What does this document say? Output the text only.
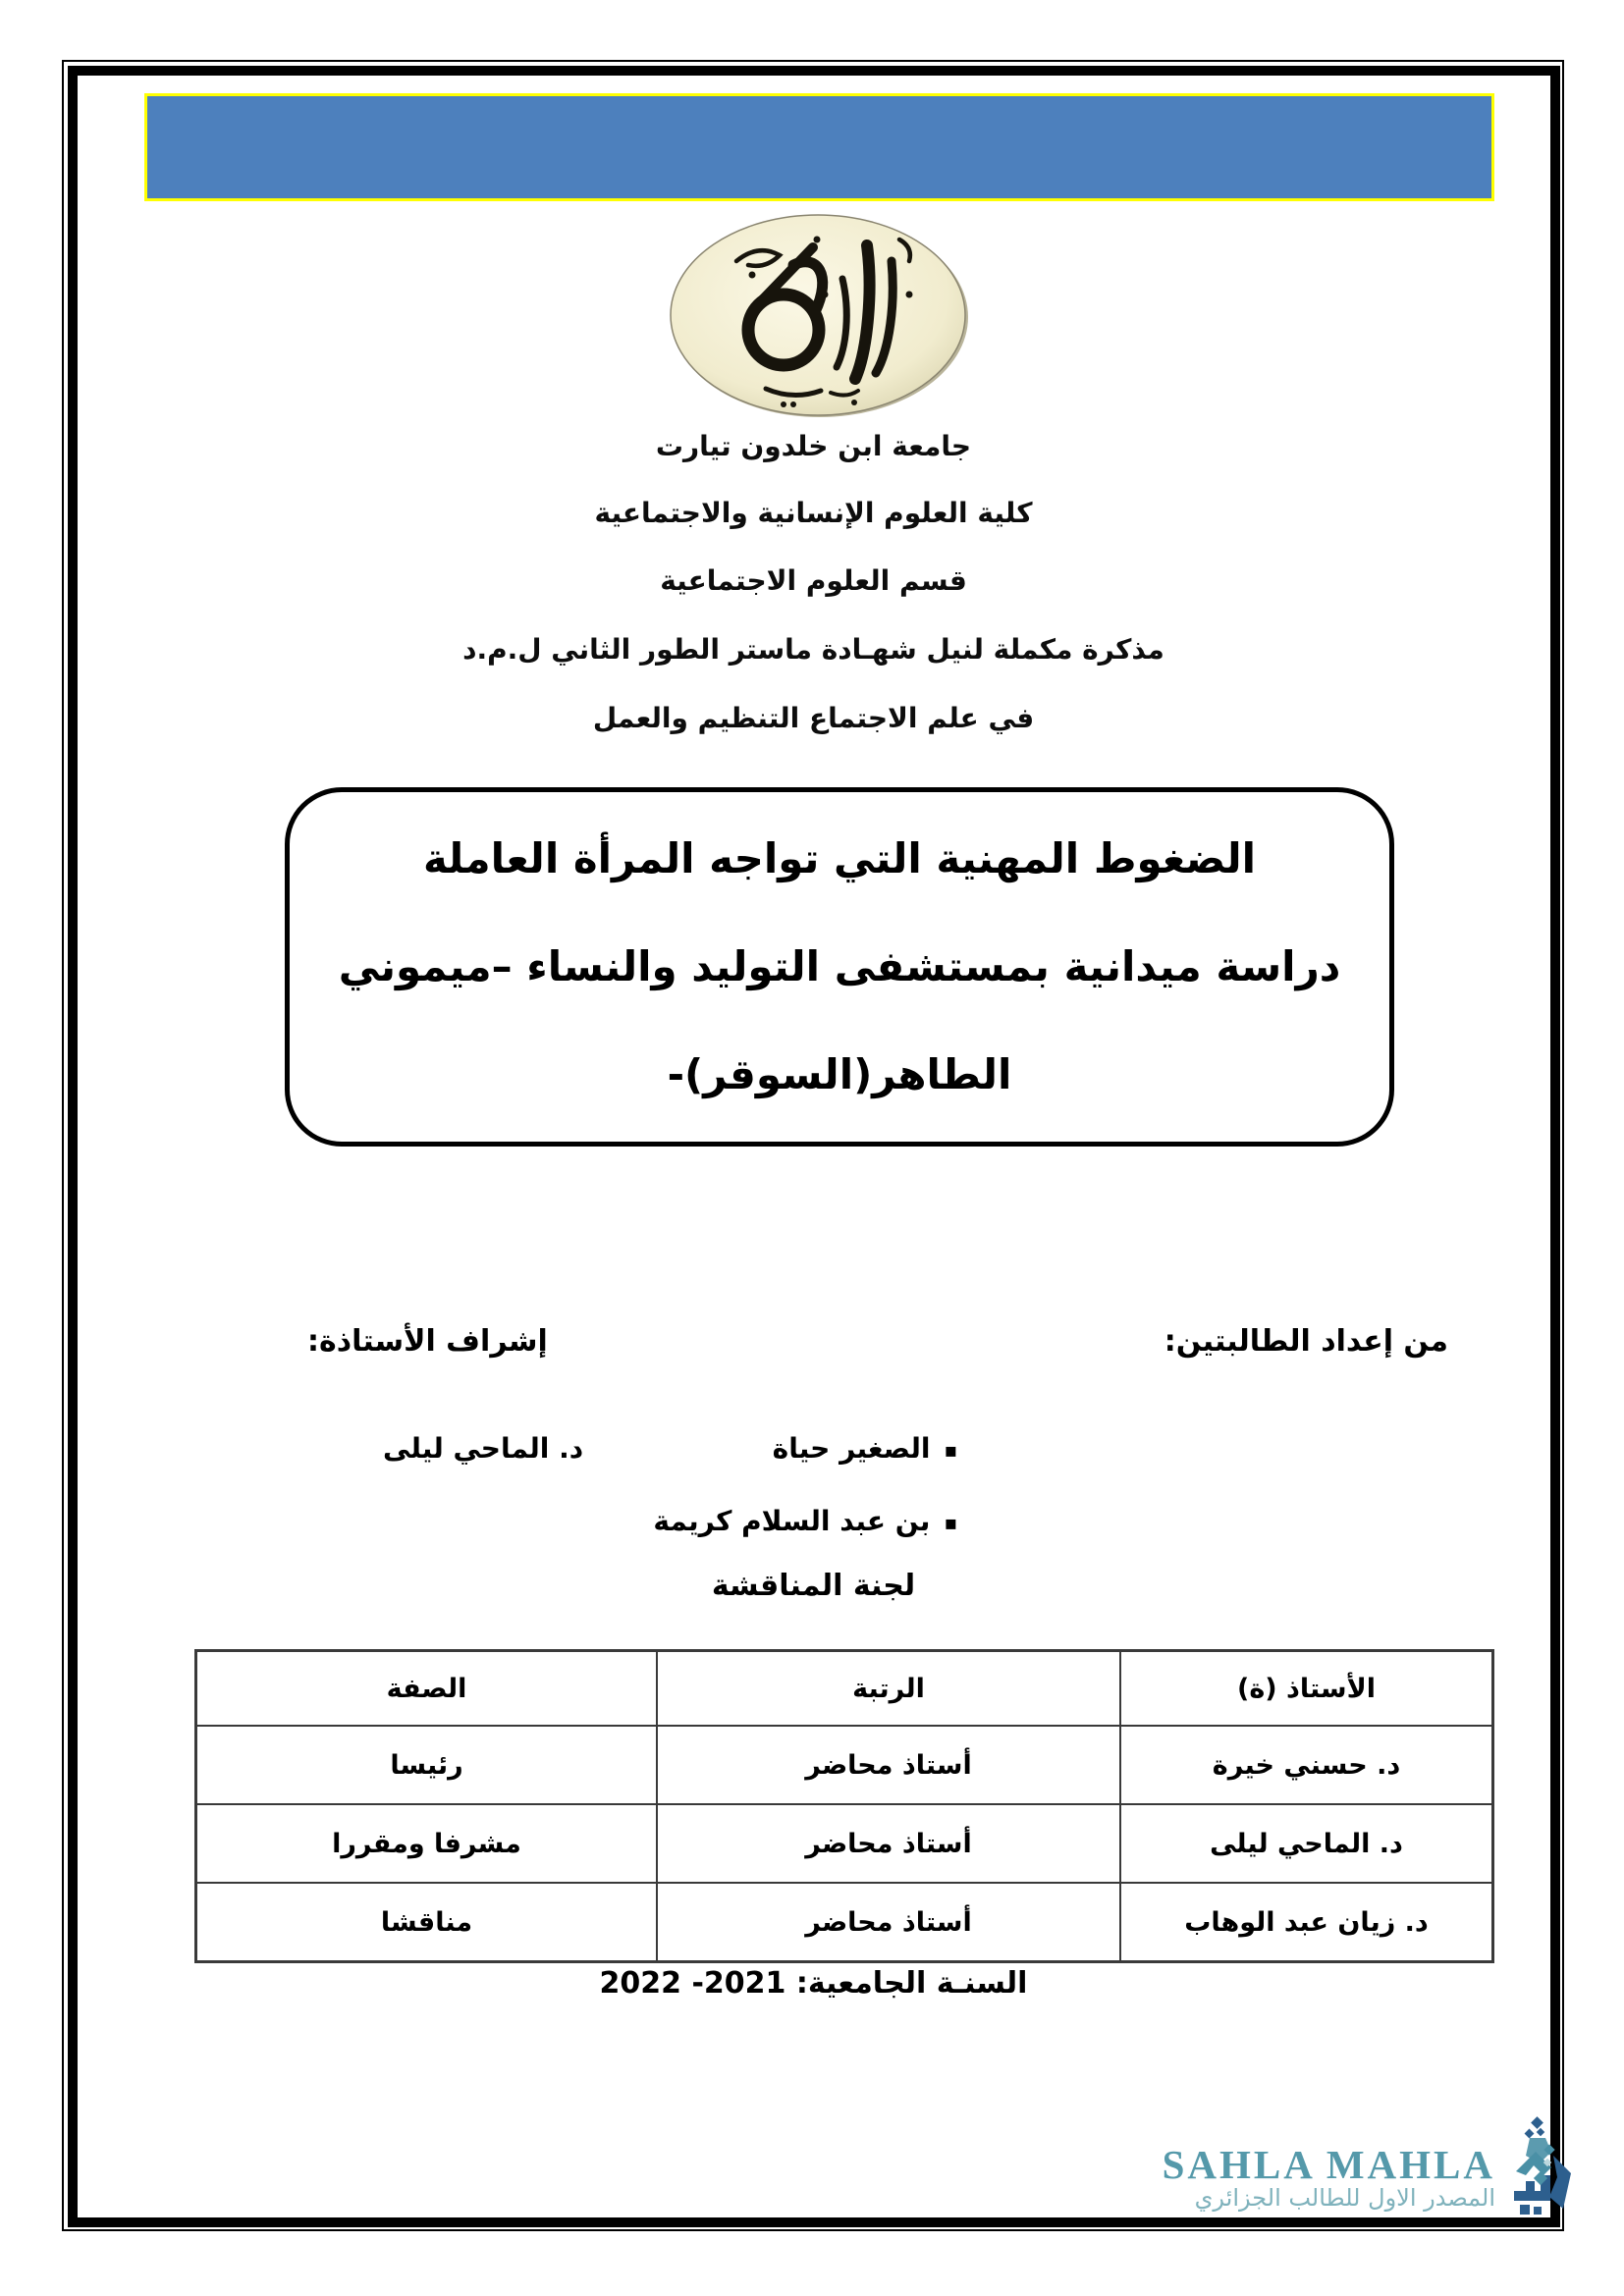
جامعة ابن خلدون تيارت
كلية العلوم الإنسانية والاجتماعية
قسم العلوم الاجتماعية
مذكرة مكملة لنيل شهـادة ماستر الطور الثاني ل.م.د
في علم الاجتماع التنظيم والعمل
الضغوط المهنية التي تواجه المرأة العاملة
دراسة ميدانية بمستشفى التوليد والنساء –ميموني
الطاهر(السوقر)-
من إعداد الطالبتين:
إشراف الأستاذة:
▪الصغير حياة
▪بن عبد السلام كريمة
د. الماحي ليلى
لجنة المناقشة
الأستاذ (ة)	الرتبة	الصفة
د. حسني خيرة	أستاذ محاضر	رئيسا
د. الماحي ليلى	أستاذ محاضر	مشرفا ومقررا
د. زيان عبد الوهاب	أستاذ محاضر	مناقشا
السنـة الجامعية: 2021- 2022
SAHLA MAHLA
المصدر الاول للطالب الجزائري
